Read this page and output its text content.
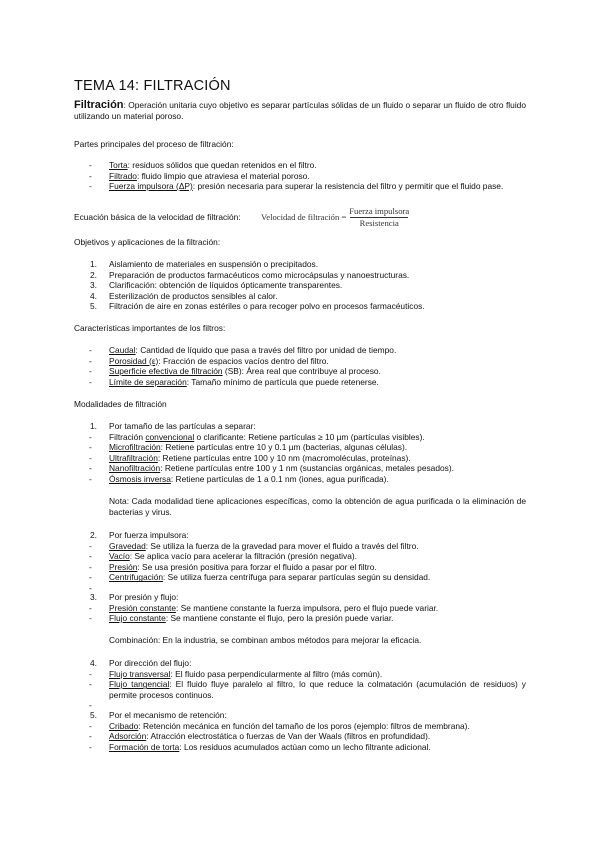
TEMA 14: FILTRACIÓN
Filtración: Operación unitaria cuyo objetivo es separar partículas sólidas de un fluido o separar un fluido de otro fluido utilizando un material poroso.
Partes principales del proceso de filtración:
- Torta: residuos sólidos que quedan retenidos en el filtro.
- Filtrado: fluido limpio que atraviesa el material poroso.
- Fuerza impulsora (ΔP): presión necesaria para superar la resistencia del filtro y permitir que el fluido pase.
Ecuación básica de la velocidad de filtración: Velocidad de filtración = $\frac{\text{Fuerza impulsora}}{\text{Resistencia}}$
Objetivos y aplicaciones de la filtración:
1. Aislamiento de materiales en suspensión o precipitados.
2. Preparación de productos farmacéuticos como microcápsulas y nanoestructuras.
3. Clarificación: obtención de líquidos ópticamente transparentes.
4. Esterilización de productos sensibles al calor.
5. Filtración de aire en zonas estériles o para recoger polvo en procesos farmacéuticos.
Características importantes de los filtros:
- Caudal: Cantidad de líquido que pasa a través del filtro por unidad de tiempo.
- Porosidad (ε): Fracción de espacios vacíos dentro del filtro.
- Superficie efectiva de filtración (SB): Área real que contribuye al proceso.
- Límite de separación: Tamaño mínimo de partícula que puede retenerse.
Modalidades de filtración
1. Por tamaño de las partículas a separar:
- Filtración convencional o clarificante: Retiene partículas ≥ 10 µm (partículas visibles).
- Microfiltración: Retiene partículas entre 10 y 0.1 µm (bacterias, algunas células).
- Ultrafiltración: Retiene partículas entre 100 y 10 nm (macromoléculas, proteínas).
- Nanofiltración: Retiene partículas entre 100 y 1 nm (sustancias orgánicas, metales pesados).
- Ósmosis inversa: Retiene partículas de 1 a 0.1 nm (iones, agua purificada).
Nota: Cada modalidad tiene aplicaciones específicas, como la obtención de agua purificada o la eliminación de bacterias y virus.
2. Por fuerza impulsora:
- Gravedad: Se utiliza la fuerza de la gravedad para mover el fluido a través del filtro.
- Vacío: Se aplica vacío para acelerar la filtración (presión negativa).
- Presión: Se usa presión positiva para forzar el fluido a pasar por el filtro.
- Centrifugación: Se utiliza fuerza centrífuga para separar partículas según su densidad.
-
3. Por presión y flujo:
- Presión constante: Se mantiene constante la fuerza impulsora, pero el flujo puede variar.
- Flujo constante: Se mantiene constante el flujo, pero la presión puede variar.
Combinación: En la industria, se combinan ambos métodos para mejorar la eficacia.
4. Por dirección del flujo:
- Flujo transversal: El fluido pasa perpendicularmente al filtro (más común).
- Flujo tangencial: El fluido fluye paralelo al filtro, lo que reduce la colmatación (acumulación de residuos) y permite procesos continuos.
-
5. Por el mecanismo de retención:
- Cribado: Retención mecánica en función del tamaño de los poros (ejemplo: filtros de membrana).
- Adsorción: Atracción electrostática o fuerzas de Van der Waals (filtros en profundidad).
- Formación de torta: Los residuos acumulados actúan como un lecho filtrante adicional.
